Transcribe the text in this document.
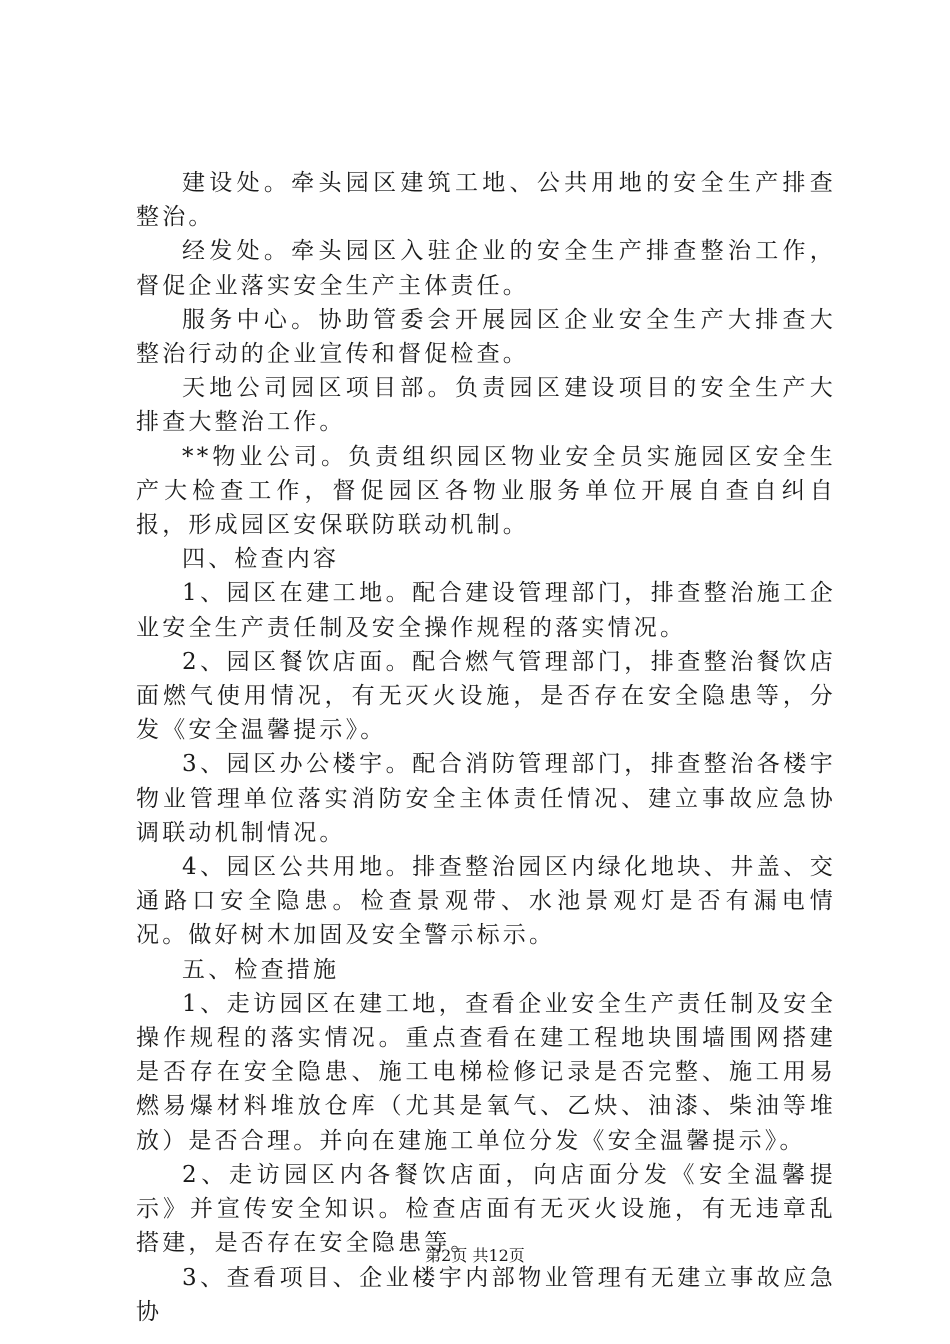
建设处。牵头园区建筑工地、公共用地的安全生产排查整治。

经发处。牵头园区入驻企业的安全生产排查整治工作，督促企业落实安全生产主体责任。

服务中心。协助管委会开展园区企业安全生产大排查大整治行动的企业宣传和督促检查。

天地公司园区项目部。负责园区建设项目的安全生产大排查大整治工作。

**物业公司。负责组织园区物业安全员实施园区安全生产大检查工作，督促园区各物业服务单位开展自查自纠自报，形成园区安保联防联动机制。

四、检查内容

1、园区在建工地。配合建设管理部门，排查整治施工企业安全生产责任制及安全操作规程的落实情况。

2、园区餐饮店面。配合燃气管理部门，排查整治餐饮店面燃气使用情况，有无灭火设施，是否存在安全隐患等，分发《安全温馨提示》。

3、园区办公楼宇。配合消防管理部门，排查整治各楼宇物业管理单位落实消防安全主体责任情况、建立事故应急协调联动机制情况。

4、园区公共用地。排查整治园区内绿化地块、井盖、交通路口安全隐患。检查景观带、水池景观灯是否有漏电情况。做好树木加固及安全警示标示。

五、检查措施

1、走访园区在建工地，查看企业安全生产责任制及安全操作规程的落实情况。重点查看在建工程地块围墙围网搭建是否存在安全隐患、施工电梯检修记录是否完整、施工用易燃易爆材料堆放仓库（尤其是氧气、乙炔、油漆、柴油等堆放）是否合理。并向在建施工单位分发《安全温馨提示》。

2、走访园区内各餐饮店面，向店面分发《安全温馨提示》并宣传安全知识。检查店面有无灭火设施，有无违章乱搭建，是否存在安全隐患等。

3、查看项目、企业楼宇内部物业管理有无建立事故应急协

第2页 共12页
